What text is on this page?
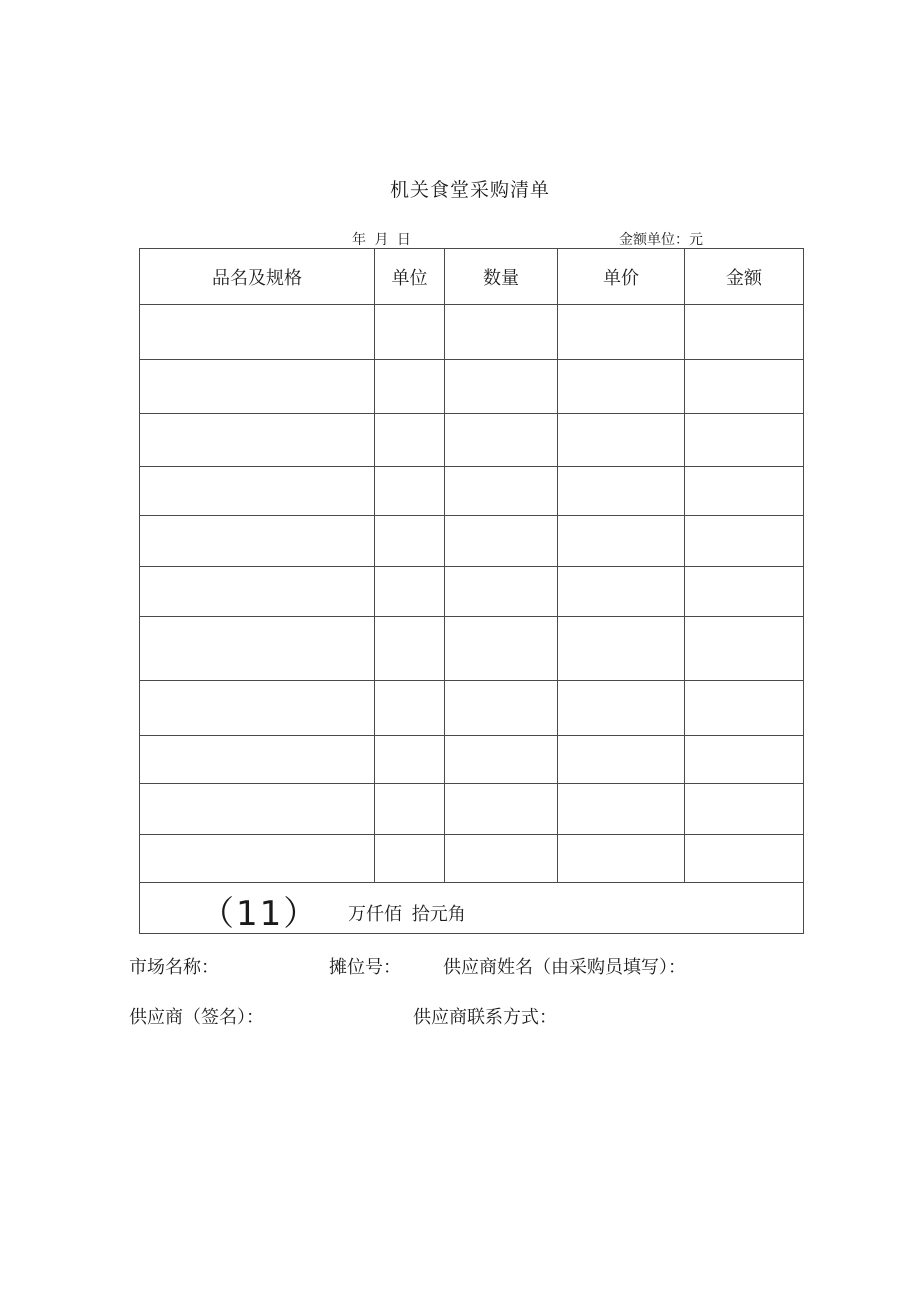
机关食堂采购清单
年 月 日	金额单位：元
品名及规格	单位	数量	单价	金额

（11） 万仟佰 拾元角				
市场名称：	摊位号： 供应商姓名（由采购员填写）：
供应商（签名）：	供应商联系方式：
